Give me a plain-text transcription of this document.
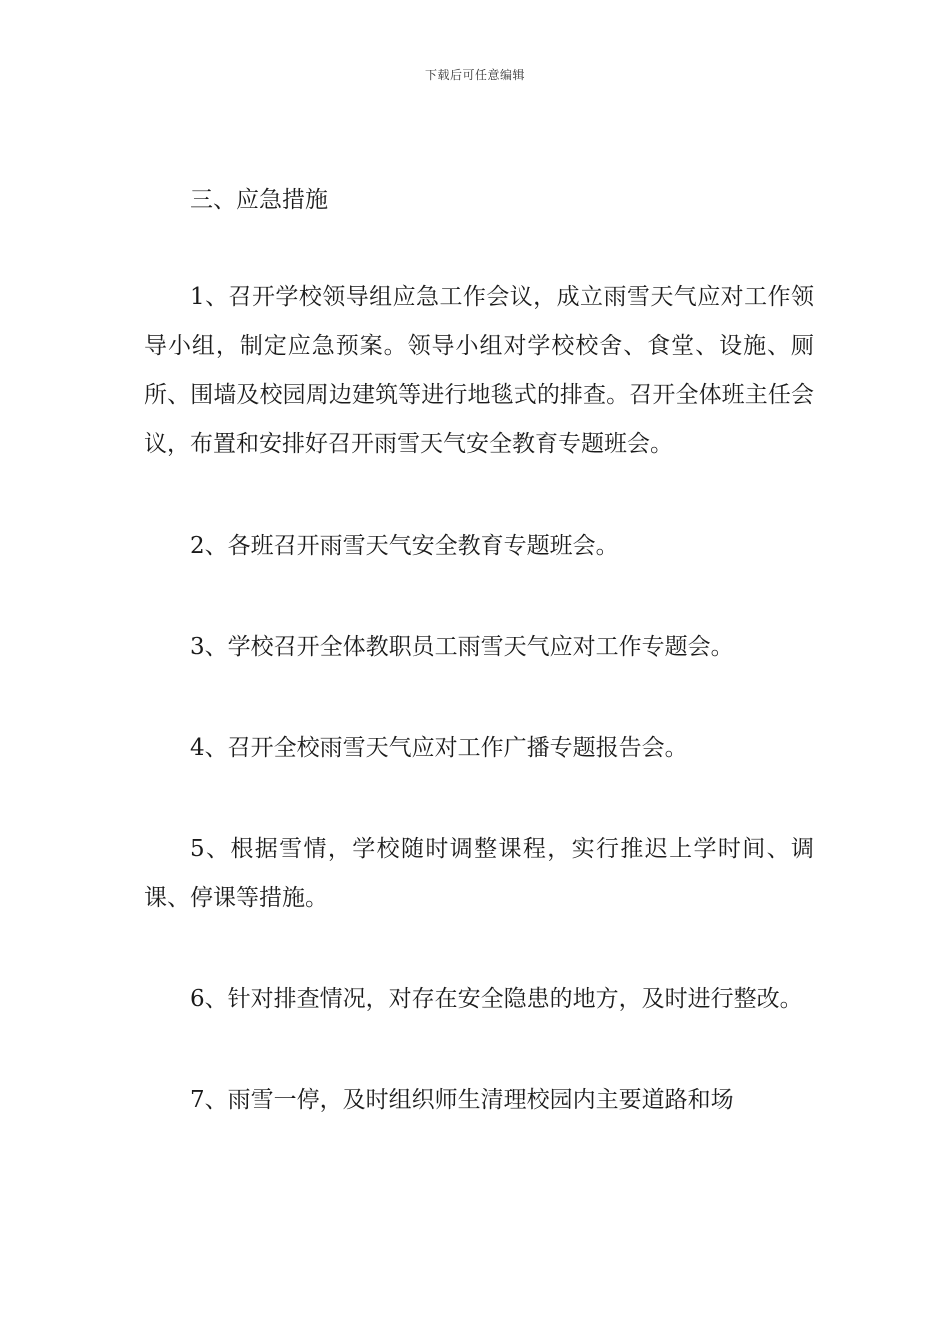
下载后可任意编辑

三、应急措施

1、召开学校领导组应急工作会议，成立雨雪天气应对工作领导小组，制定应急预案。领导小组对学校校舍、食堂、设施、厕所、围墙及校园周边建筑等进行地毯式的排查。召开全体班主任会议，布置和安排好召开雨雪天气安全教育专题班会。

2、各班召开雨雪天气安全教育专题班会。

3、学校召开全体教职员工雨雪天气应对工作专题会。

4、召开全校雨雪天气应对工作广播专题报告会。

5、根据雪情，学校随时调整课程，实行推迟上学时间、调课、停课等措施。

6、针对排查情况，对存在安全隐患的地方，及时进行整改。

7、雨雪一停，及时组织师生清理校园内主要道路和场
